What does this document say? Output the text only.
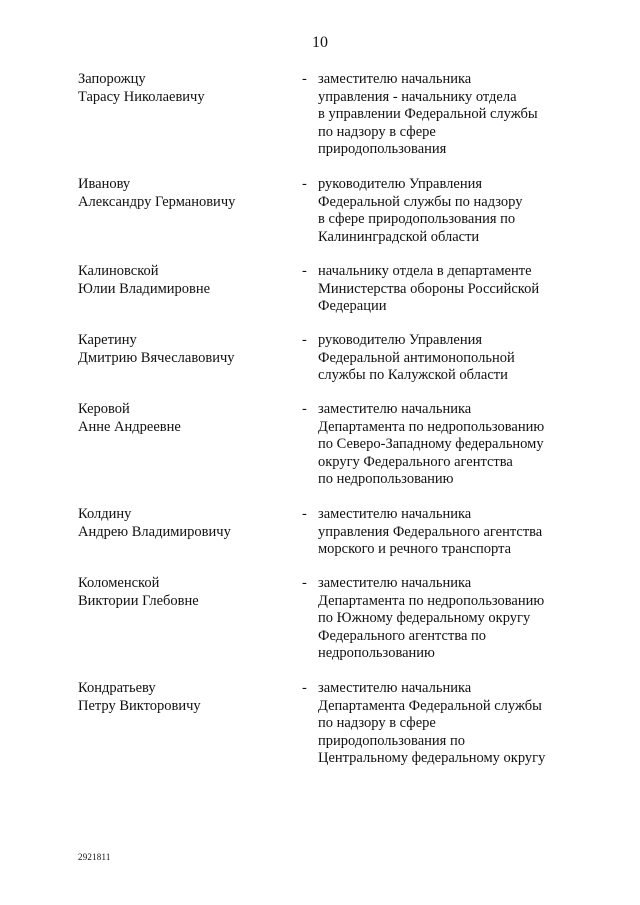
10
Запорожцу
Тарасу Николаевичу
- заместителю начальника
управления - начальнику отдела
в управлении Федеральной службы
по надзору в сфере
природопользования
Иванову
Александру Германовичу
- руководителю Управления
Федеральной службы по надзору
в сфере природопользования по
Калининградской области
Калиновской
Юлии Владимировне
- начальнику отдела в департаменте
Министерства обороны Российской
Федерации
Каретину
Дмитрию Вячеславовичу
- руководителю Управления
Федеральной антимонопольной
службы по Калужской области
Керовой
Анне Андреевне
- заместителю начальника
Департамента по недропользованию
по Северо-Западному федеральному
округу Федерального агентства
по недропользованию
Колдину
Андрею Владимировичу
- заместителю начальника
управления Федерального агентства
морского и речного транспорта
Коломенской
Виктории Глебовне
- заместителю начальника
Департамента по недропользованию
по Южному федеральному округу
Федерального агентства по
недропользованию
Кондратьеву
Петру Викторовичу
- заместителю начальника
Департамента Федеральной службы
по надзору в сфере
природопользования по
Центральному федеральному округу
2921811
